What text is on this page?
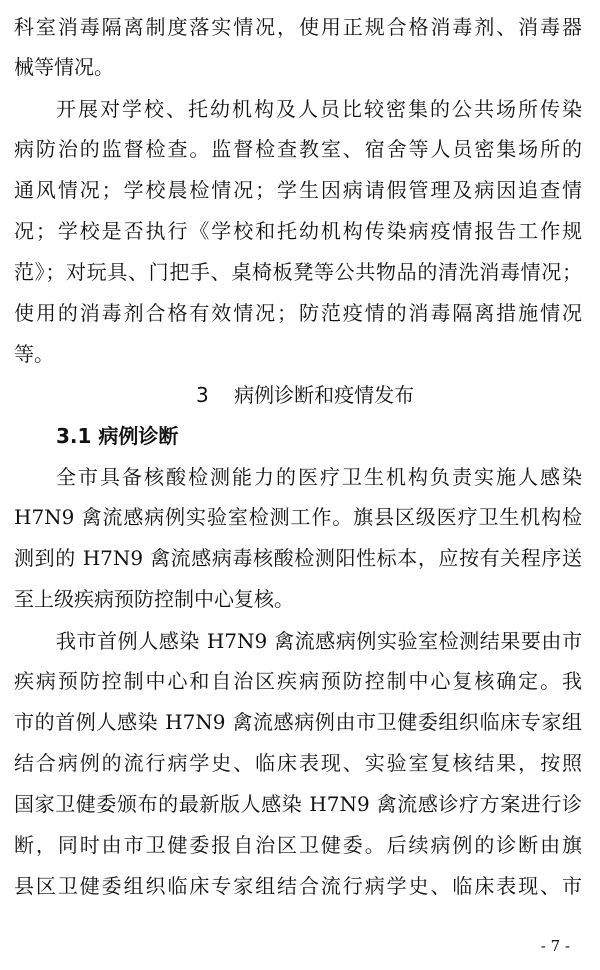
科室消毒隔离制度落实情况，使用正规合格消毒剂、消毒器

械等情况。

开展对学校、托幼机构及人员比较密集的公共场所传染

病防治的监督检查。监督检查教室、宿舍等人员密集场所的

通风情况；学校晨检情况；学生因病请假管理及病因追查情

况；学校是否执行《学校和托幼机构传染病疫情报告工作规

范》；对玩具、门把手、桌椅板凳等公共物品的清洗消毒情况；

使用的消毒剂合格有效情况；防范疫情的消毒隔离措施情况

等。

3 病例诊断和疫情发布
3.1 病例诊断

全市具备核酸检测能力的医疗卫生机构负责实施人感染

H7N9 禽流感病例实验室检测工作。旗县区级医疗卫生机构检

测到的 H7N9 禽流感病毒核酸检测阳性标本，应按有关程序送

至上级疾病预防控制中心复核。

我市首例人感染 H7N9 禽流感病例实验室检测结果要由市

疾病预防控制中心和自治区疾病预防控制中心复核确定。我

市的首例人感染 H7N9 禽流感病例由市卫健委组织临床专家组

结合病例的流行病学史、临床表现、实验室复核结果，按照

国家卫健委颁布的最新版人感染 H7N9 禽流感诊疗方案进行诊

断，同时由市卫健委报自治区卫健委。后续病例的诊断由旗

县区卫健委组织临床专家组结合流行病学史、临床表现、市

- 7 -
